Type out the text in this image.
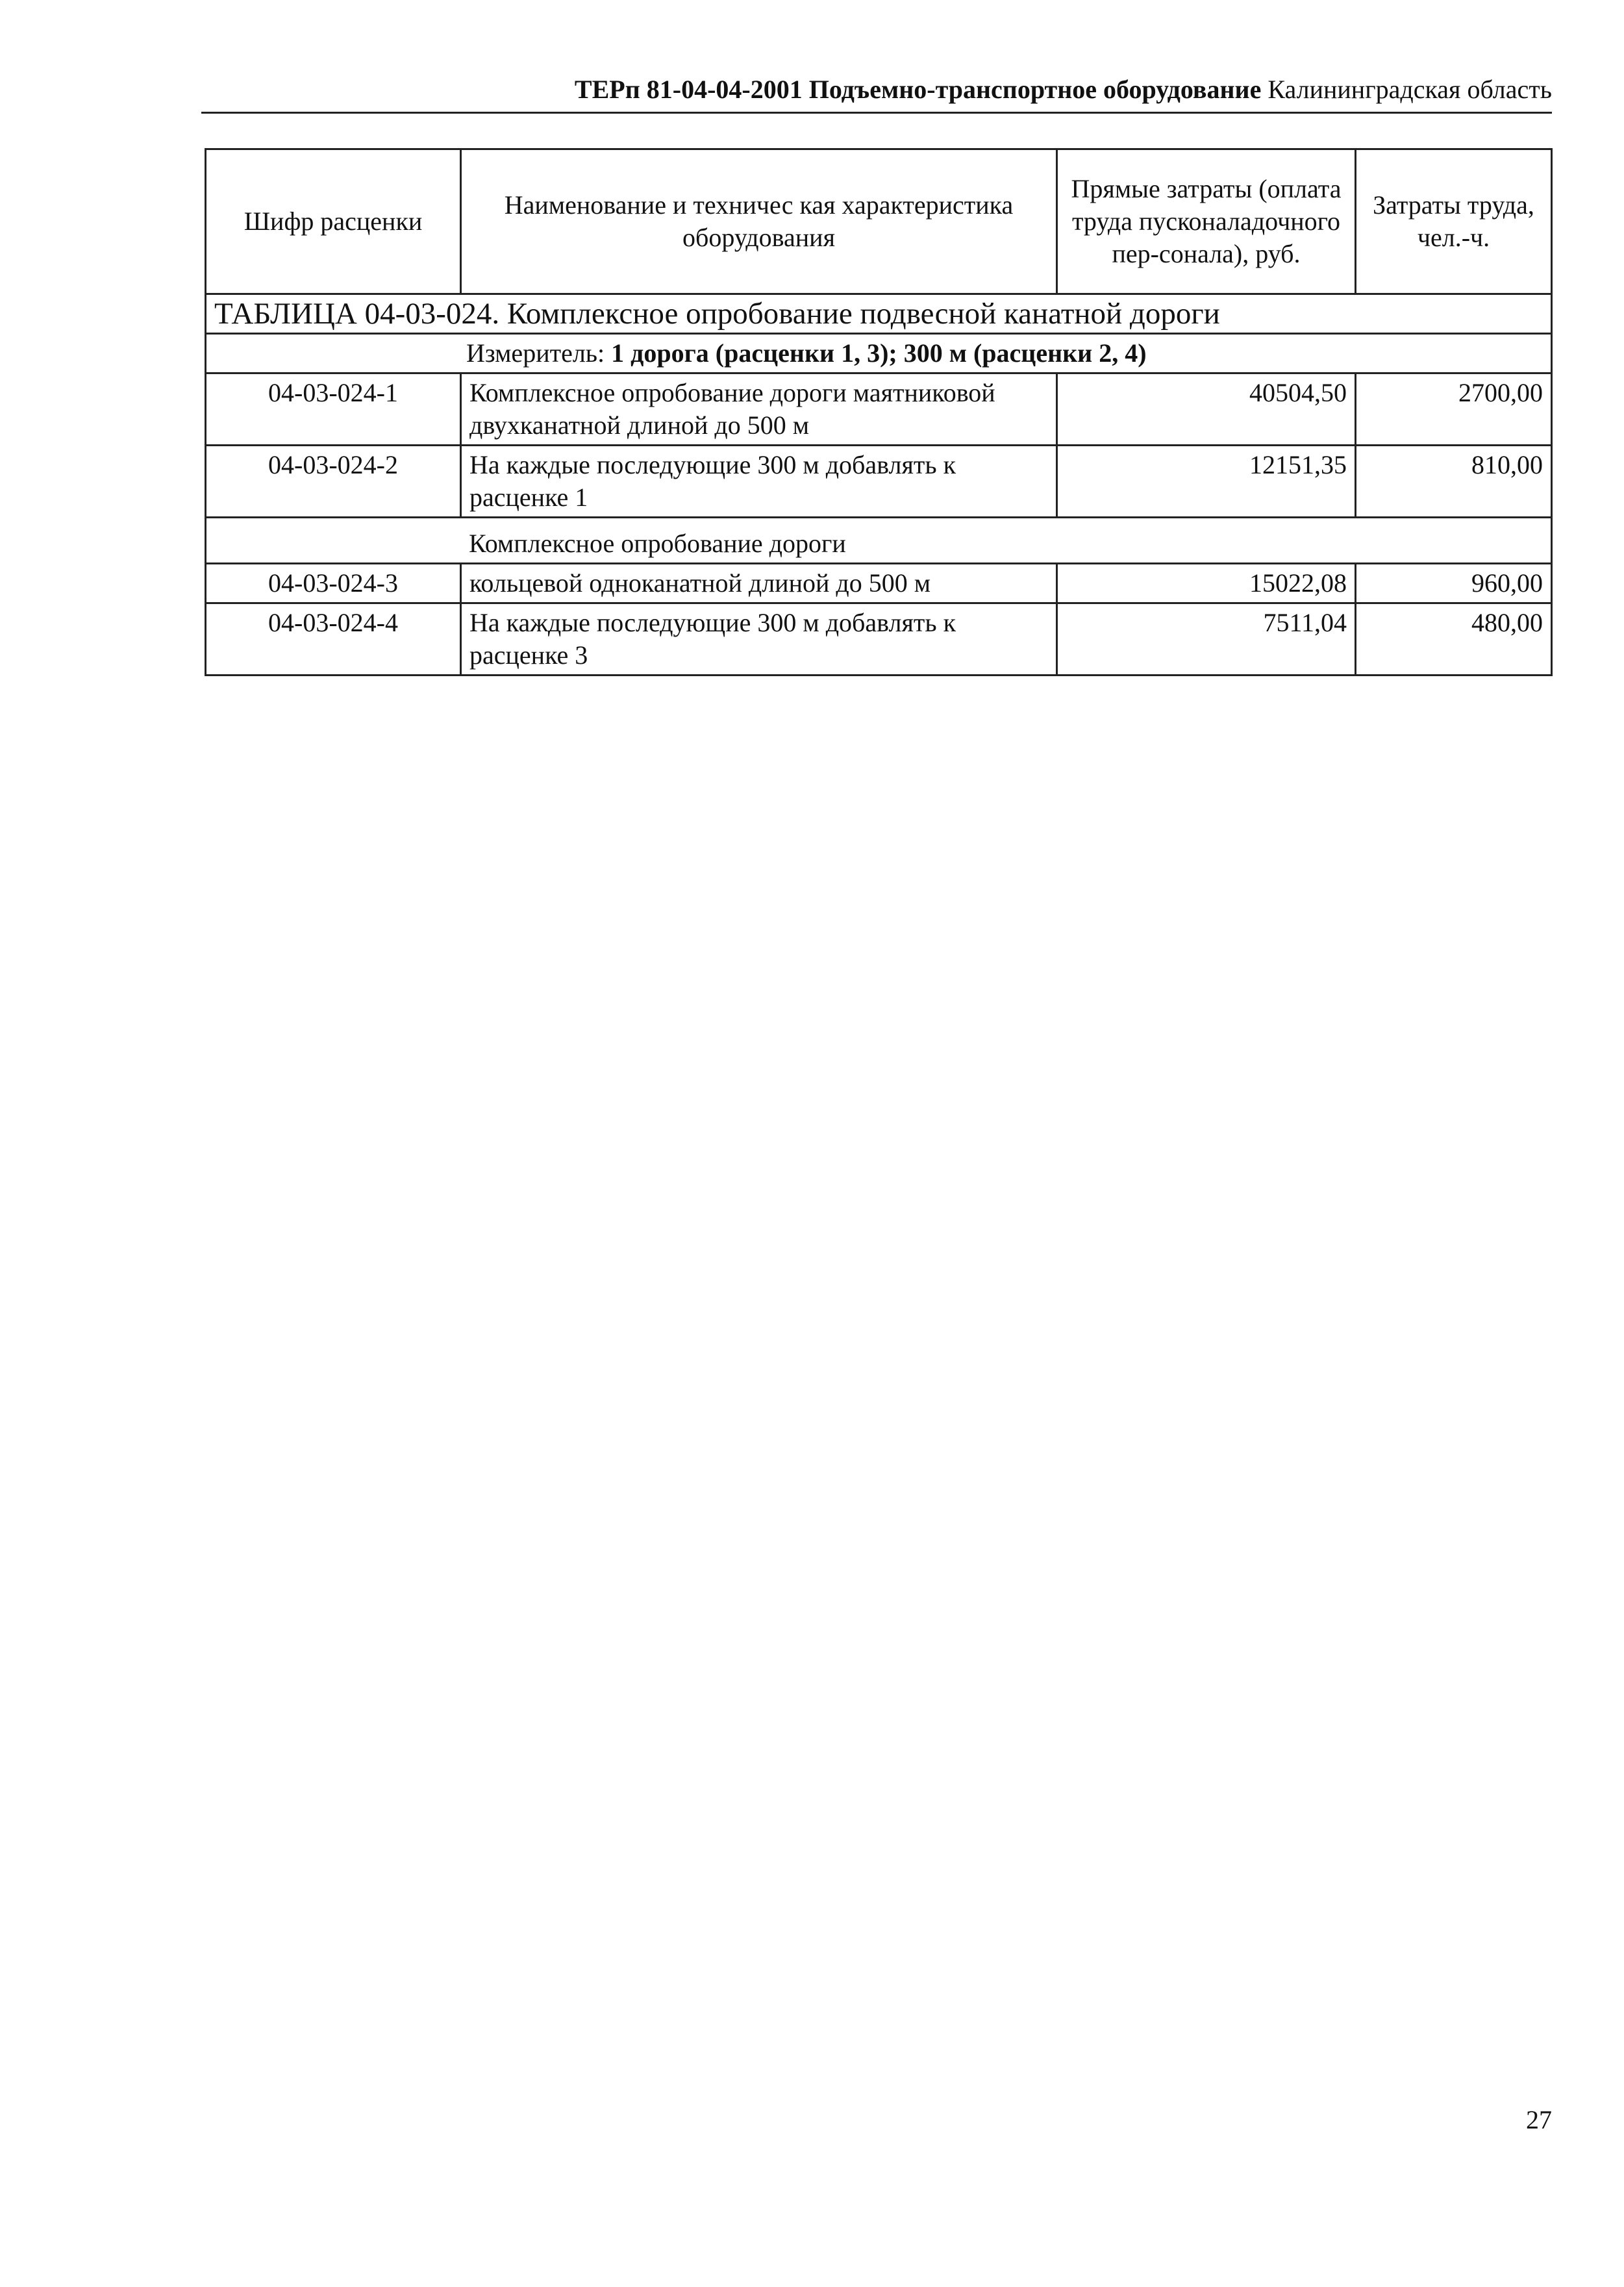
ТЕРп 81-04-04-2001 Подъемно-транспортное оборудование Калининградская область
Шифр расценки	Наименование и техничес кая характеристика оборудования	Прямые затраты (оплата труда пусконаладочного пер-сонала), руб.	Затраты труда, чел.-ч.
ТАБЛИЦА 04-03-024. Комплексное опробование подвесной канатной дороги			
Измеритель: 1 дорога (расценки 1, 3); 300 м (расценки 2, 4)			
04-03-024-1	Комплексное опробование дороги маятниковой двухканатной длиной до 500 м	40504,50	2700,00
04-03-024-2	На каждые последующие 300 м добавлять к расценке 1	12151,35	810,00
Комплексное опробование дороги			
04-03-024-3	кольцевой одноканатной длиной до 500 м	15022,08	960,00
04-03-024-4	На каждые последующие 300 м добавлять к расценке 3	7511,04	480,00
27
